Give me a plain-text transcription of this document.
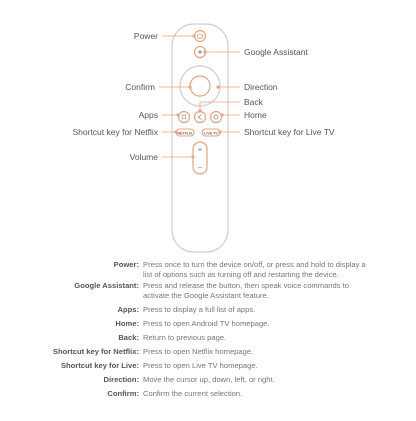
NETFLIX	LIVE TV
+
−
Power
Google Assistant
Confirm	Direction
Back
Apps	Home
Shortcut key for Netflix	Shortcut key for Live TV
Volume
Power: Press once to turn the device on/off, or press and hold to display a list of options such as turning off and restarting the device.
Google Assistant: Press and release the button, then speak voice commands to activate the Google Assistant feature.
Apps: Press to display a full list of apps.
Home: Press to open Android TV homepage.
Back: Return to previous page.
Shortcut key for Netflix: Press to open Netflix homepage.
Shortcut key for Live: Press to open Live TV homepage.
Direction: Move the cursor up, down, left, or right.
Confirm: Confirm the current selection.
